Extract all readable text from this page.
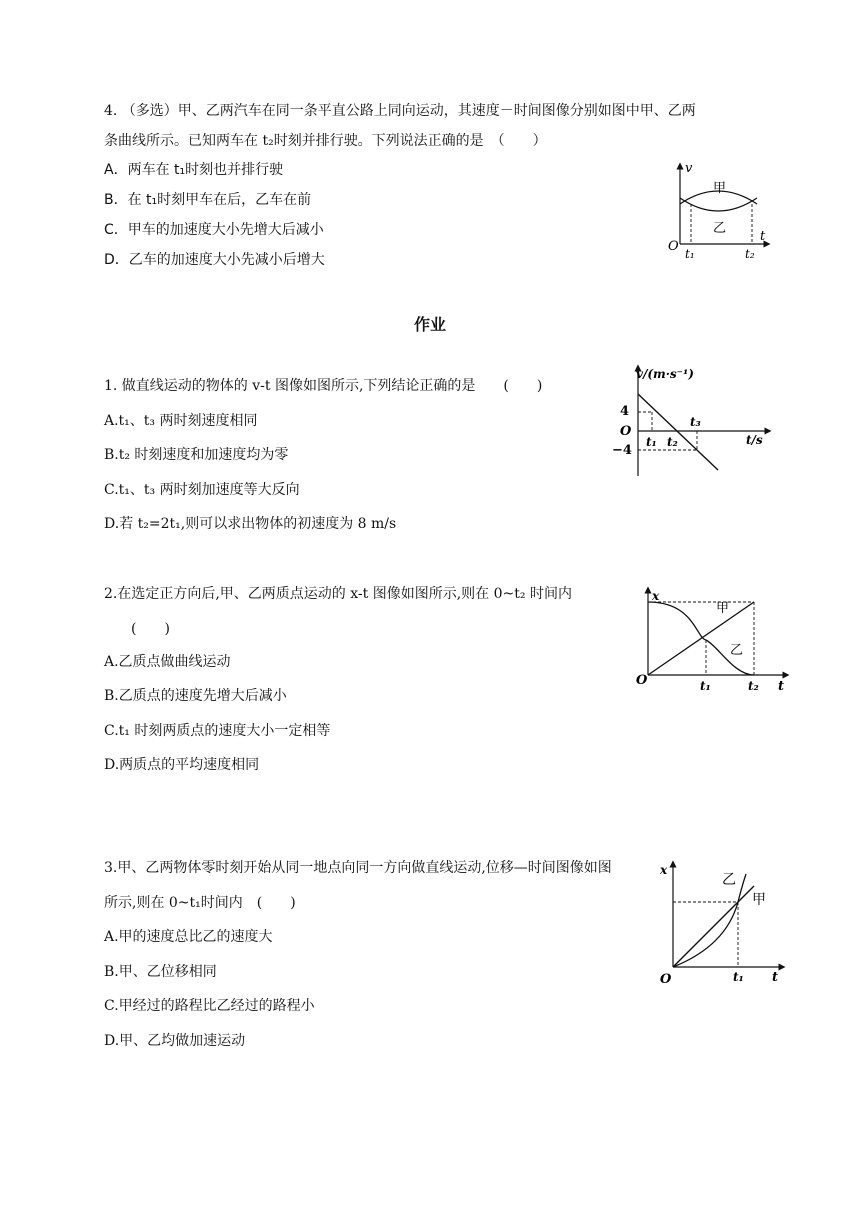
4. （多选）甲、乙两汽车在同一条平直公路上同向运动，其速度－时间图像分别如图中甲、乙两
条曲线所示。已知两车在 t₂时刻并排行驶。下列说法正确的是　（　　）
A．两车在 t₁时刻也并排行驶
B．在 t₁时刻甲车在后，乙车在前
C．甲车的加速度大小先增大后减小
D．乙车的加速度大小先减小后增大
v
t
O
甲
乙
t₁	t₂
作业
1. 做直线运动的物体的 v-t 图像如图所示,下列结论正确的是　　(　　)
A.t₁、t₃ 两时刻速度相同
B.t₂ 时刻速度和加速度均为零
C.t₁、t₃ 两时刻加速度等大反向
D.若 t₂=2t₁,则可以求出物体的初速度为 8 m/s
v/(m·s⁻¹)
t/s
O
4
−4
t₁ t₂
t₃
2.在选定正方向后,甲、乙两质点运动的 x-t 图像如图所示,则在 0~t₂ 时间内
(　　)
A.乙质点做曲线运动
B.乙质点的速度先增大后减小
C.t₁ 时刻两质点的速度大小一定相等
D.两质点的平均速度相同
x
t
O
甲
乙
t₁	t₂
3.甲、乙两物体零时刻开始从同一地点向同一方向做直线运动,位移—时间图像如图
所示,则在 0~t₁时间内　(　　)
A.甲的速度总比乙的速度大
B.甲、乙位移相同
C.甲经过的路程比乙经过的路程小
D.甲、乙均做加速运动
x
t
O
乙
甲
t₁
